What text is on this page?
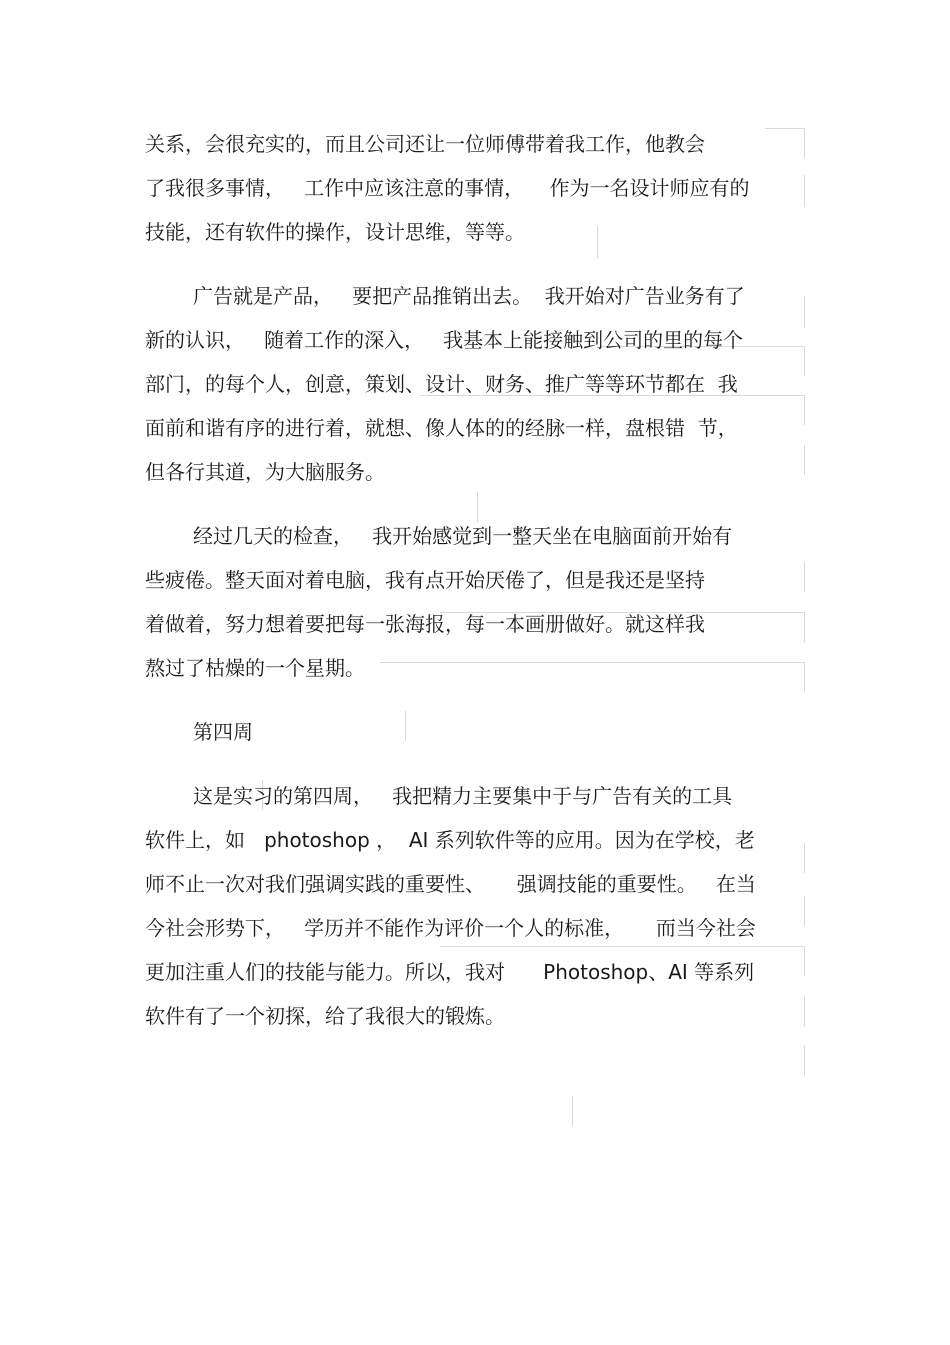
关系，会很充实的，而且公司还让一位师傅带着我工作，他教会
了我很多事情，   工作中应该注意的事情，    作为一名设计师应有的
技能，还有软件的操作，设计思维，等等。
广告就是产品，   要把产品推销出去。  我开始对广告业务有了
新的认识，   随着工作的深入，   我基本上能接触到公司的里的每个
部门，的每个人，创意，策划、设计、财务、推广等等环节都在  我
面前和谐有序的进行着，就想、像人体的的经脉一样，盘根错  节，
但各行其道，为大脑服务。
经过几天的检查，   我开始感觉到一整天坐在电脑面前开始有
些疲倦。整天面对着电脑，我有点开始厌倦了，但是我还是坚持
着做着，努力想着要把每一张海报，每一本画册做好。就这样我
熬过了枯燥的一个星期。
第四周
这是实习的第四周，   我把精力主要集中于与广告有关的工具
软件上，如   photoshop ，  AI 系列软件等的应用。因为在学校，老
师不止一次对我们强调实践的重要性、     强调技能的重要性。   在当
今社会形势下，   学历并不能作为评价一个人的标准，     而当今社会
更加注重人们的技能与能力。所以，我对      Photoshop、AI 等系列
软件有了一个初探，给了我很大的锻炼。
